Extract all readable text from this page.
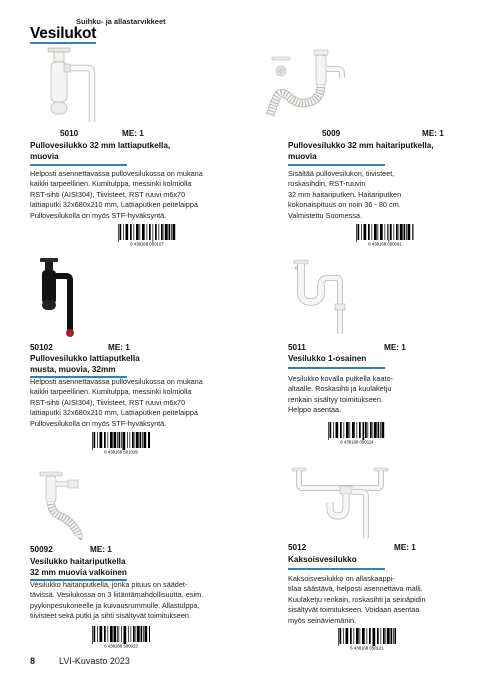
Suihku- ja allastarvikkeet
Vesilukot
5010	ME: 1
Pullovesilukko 32 mm lattiaputkella,
muovia
Helposti asennettavassa pullovesilukossa on mukana
kaikki tarpeellinen. Kumitulppa, messinki kolmiolla
RST-sihti (AISI304), Tiivisteet, RST ruuvi m6x70
lattiaputki 32x680x210 mm, Lattiaputken peitelaippa
Pullovesilukolla on myös STF-hyväksyntä.
6 438168 050107
5009	ME: 1
Pullovesilukko 32 mm haitariputkella,
muovia
Sisältää pullovesilukon, tiivisteet,
roskasihdin, RST-ruuvin
32 mm haitariputken. Haitariputken
kokonaispituus on noin 36 - 80 cm.
Valmistettu Suomessa.
6 438168 050091
50102	ME: 1
Pullovesilukko lattiaputkella
musta, muovia, 32mm
Helposti asennettavassa pullovesilukossa on mukana
kaikki tarpeellinen. Kumitulppa, messinki kolmiolla
RST-sihti (AISI304), Tiivisteet, RST ruuvi m6x70
lattiaputki 32x680x210 mm, Lattiaputken peitelaippa
Pullovesilukolla on myös STF-hyväksyntä.
6 438168 501029
5011	ME: 1
Vesilukko 1-osainen
Vesilukko kovalla putkella kaato-
altaalle. Roskasihti ja kuulaketju
renkain sisältyy toimitukseen.
Helppo asentaa.
6 438168 050114
50092	ME: 1
Vesilukko haitariputkella
32 mm muovia valkoinen
Vesilukko haitariputkella, jonka pituus on säädet-
tävissä. Vesilukossa on 3 liitäntämahdollisuutta, esim.
pyykinpesukoneelle ja kuivausrummulle. Allastulppa,
tiivisteet sekä putki ja sihti sisältyvät toimitukseen.
6 438168 500923
5012	ME: 1
Kaksoisvesilukko
Kaksoisvesilukko on allaskaappi-
tilaa säästävä, helposti asennettava malli.
Kuulaketju renkain, roskasihti ja seinäpidin
sisältyvät toimitukseen. Voidaan asentaa
myös seinäviemäriin.
6 438168 050121
8	LVI-Kuvasto 2023
